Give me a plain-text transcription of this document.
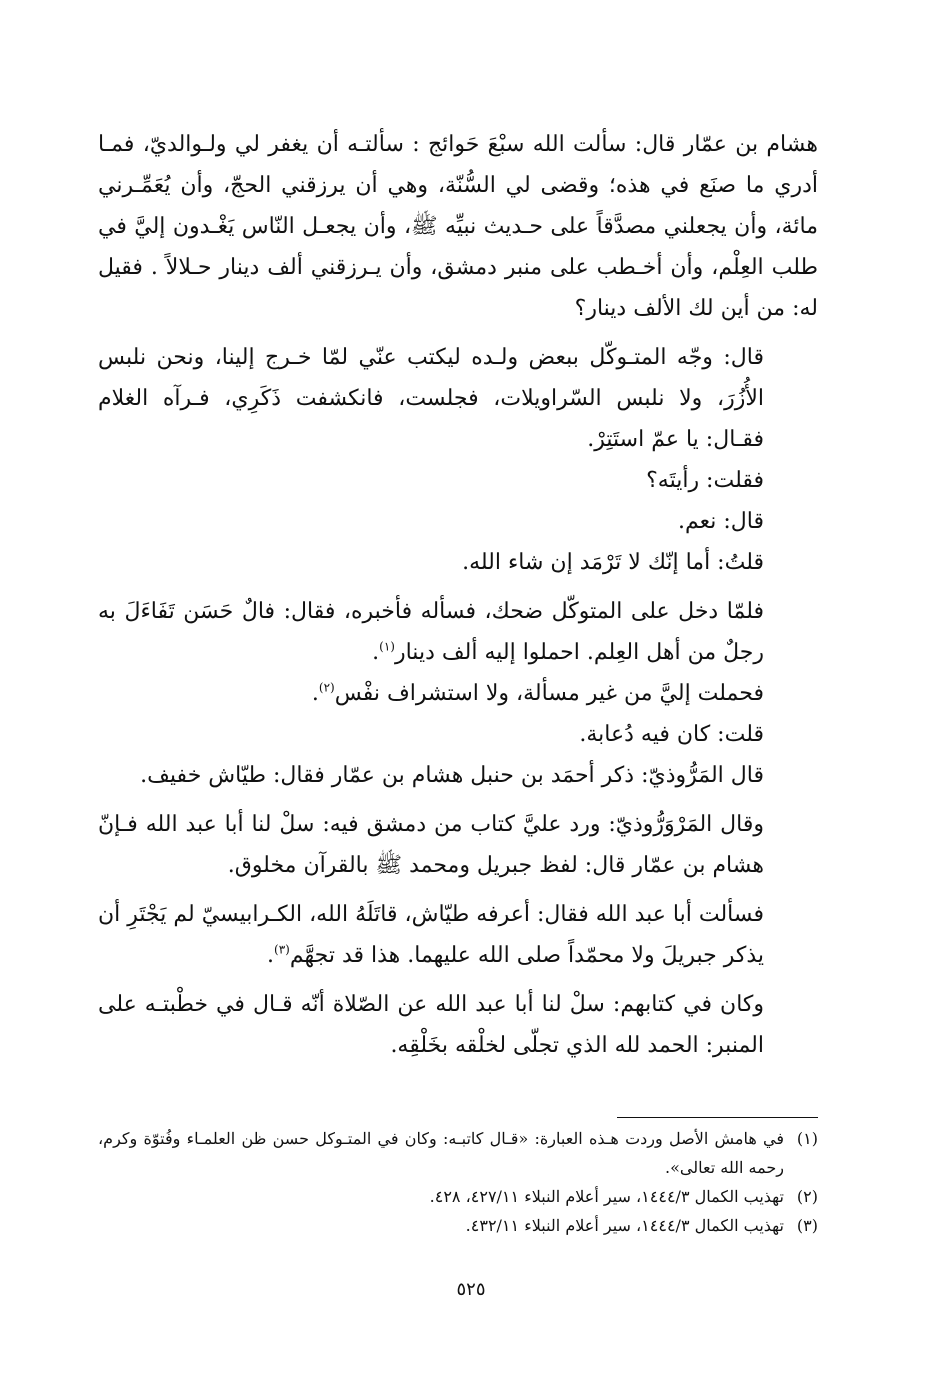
هشام بن عمّار قال: سألت الله سبْعَ حَوائج : سألتـه أن يغفر لي ولـوالديّ، فمـا أدري ما صنَع في هذه؛ وقضى لي السُّنّة، وهي أن يرزقني الحجّ، وأن يُعَمِّـرني مائة، وأن يجعلني مصدَّقاً على حـديث نبيِّه ﷺ، وأن يجعـل النّاس يَغْـدون إليَّ في طلب العِلْم، وأن أخـطب على منبر دمشق، وأن يـرزقني ألف دينار حـلالاً . فقيل له: من أين لك الألف دينار؟

قال: وجّه المتـوكّل ببعض ولـده ليكتب عنّي لمّا خـرج إلينا، ونحن نلبس الأُزُرَ، ولا نلبس السّراويلات، فجلست، فانكشفت ذَكَرِي، فـرآه الغلام فقـال: يا عمّ استَتِرْ.

فقلت: رأيتَه؟

قال: نعم.

قلتُ: أما إنّك لا تَرْمَد إن شاء الله.

فلمّا دخل على المتوكّل ضحك، فسأله فأخبره، فقال: فالٌ حَسَن تَفَاءَلَ به رجلٌ من أهل العِلم. احملوا إليه ألف دينار$^{(١)}$.

فحملت إليَّ من غير مسألة، ولا استشراف نفْس$^{(٢)}$.

قلت: كان فيه دُعابة.

قال المَرُّوذيّ: ذكر أحمَد بن حنبل هشام بن عمّار فقال: طيّاش خفيف.

وقال المَرْوَرُّوذيّ: ورد عليَّ كتاب من دمشق فيه: سلْ لنا أبا عبد الله فـإنّ هشام بن عمّار قال: لفظ جبريل ومحمد ﷺ بالقرآن مخلوق.

فسألت أبا عبد الله فقال: أعرفه طيّاش، قاتَلَهُ الله، الكـرابيسيّ لم يَجْتَرِ أن يذكر جبريلَ ولا محمّداً صلى الله عليهما. هذا قد تجهَّم$^{(٣)}$.

وكان في كتابهم: سلْ لنا أبا عبد الله عن الصّلاة أنّه قـال في خطْبتـه على المنبر: الحمد لله الذي تجلّى لخلْقه بخَلْقِه.

(١)
في هامش الأصل وردت هـذه العبارة: «قـال كاتبـه: وكان في المتـوكل حسن ظن العلمـاء وفُتوّة وكرم، رحمه الله تعالى».
(٢)
تهذيب الكمال ١٤٤٤/٣، سير أعلام النبلاء ٤٢٧/١١، ٤٢٨.
(٣)
تهذيب الكمال ١٤٤٤/٣، سير أعلام النبلاء ٤٣٢/١١.
٥٢٥
